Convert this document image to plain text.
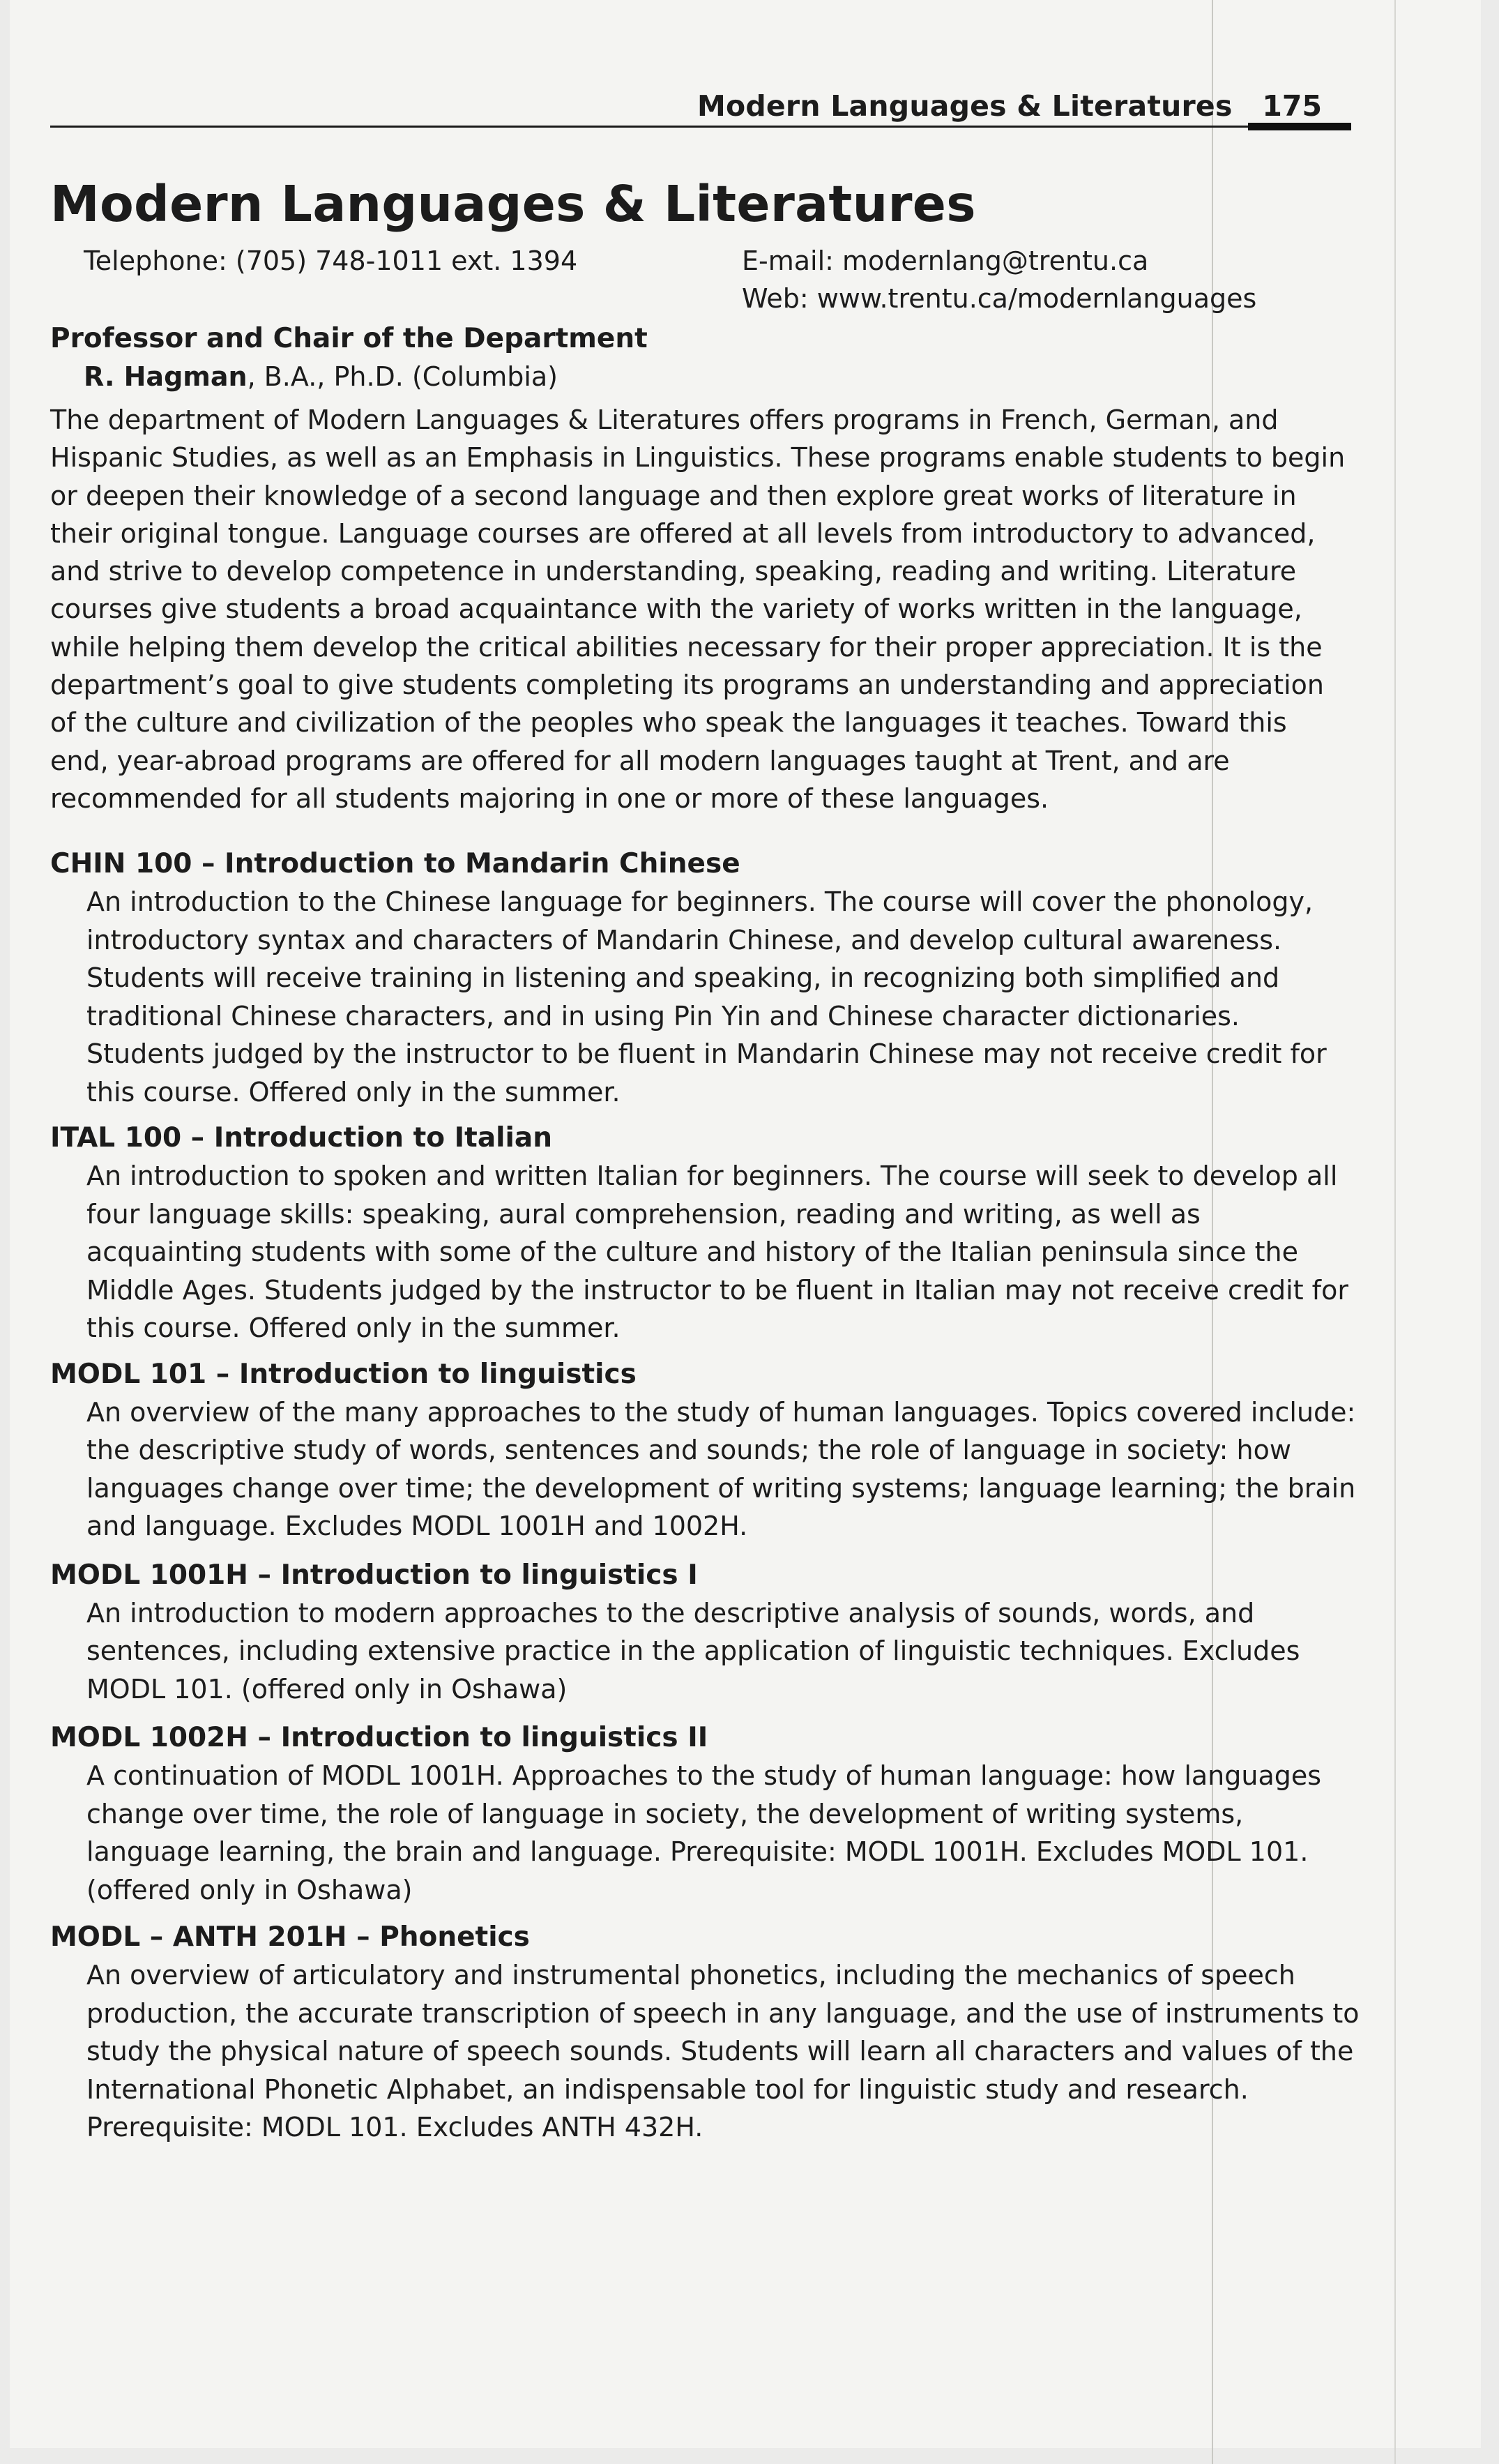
Modern Languages & Literatures 175
Modern Languages & Literatures
Telephone: (705) 748-1011 ext. 1394	E-mail: modernlang@trentu.ca
Web: www.trentu.ca/modernlanguages
Professor and Chair of the Department
R. Hagman, B.A., Ph.D. (Columbia)

The department of Modern Languages & Literatures offers programs in French, German, and Hispanic Studies, as well as an Emphasis in Linguistics. These programs enable students to begin or deepen their knowledge of a second language and then explore great works of literature in their original tongue. Language courses are offered at all levels from introductory to advanced, and strive to develop competence in understanding, speaking, reading and writing. Literature courses give students a broad acquaintance with the variety of works written in the language, while helping them develop the critical abilities necessary for their proper appreciation. It is the department’s goal to give students completing its programs an understanding and appreciation of the culture and civilization of the peoples who speak the languages it teaches. Toward this end, year-abroad programs are offered for all modern languages taught at Trent, and are recommended for all students majoring in one or more of these languages.

CHIN 100 – Introduction to Mandarin Chinese
An introduction to the Chinese language for beginners. The course will cover the phonology, introductory syntax and characters of Mandarin Chinese, and develop cultural awareness. Students will receive training in listening and speaking, in recognizing both simplified and traditional Chinese characters, and in using Pin Yin and Chinese character dictionaries. Students judged by the instructor to be fluent in Mandarin Chinese may not receive credit for this course. Offered only in the summer.
ITAL 100 – Introduction to Italian
An introduction to spoken and written Italian for beginners. The course will seek to develop all four language skills: speaking, aural comprehension, reading and writing, as well as acquainting students with some of the culture and history of the Italian peninsula since the Middle Ages. Students judged by the instructor to be fluent in Italian may not receive credit for this course. Offered only in the summer.
MODL 101 – Introduction to linguistics
An overview of the many approaches to the study of human languages. Topics covered include: the descriptive study of words, sentences and sounds; the role of language in society: how languages change over time; the development of writing systems; language learning; the brain and language. Excludes MODL 1001H and 1002H.
MODL 1001H – Introduction to linguistics I
An introduction to modern approaches to the descriptive analysis of sounds, words, and sentences, including extensive practice in the application of linguistic techniques. Excludes MODL 101. (offered only in Oshawa)
MODL 1002H – Introduction to linguistics II
A continuation of MODL 1001H. Approaches to the study of human language: how languages change over time, the role of language in society, the development of writing systems, language learning, the brain and language. Prerequisite: MODL 1001H. Excludes MODL 101. (offered only in Oshawa)
MODL – ANTH 201H – Phonetics
An overview of articulatory and instrumental phonetics, including the mechanics of speech production, the accurate transcription of speech in any language, and the use of instruments to study the physical nature of speech sounds. Students will learn all characters and values of the International Phonetic Alphabet, an indispensable tool for linguistic study and research. Prerequisite: MODL 101. Excludes ANTH 432H.
